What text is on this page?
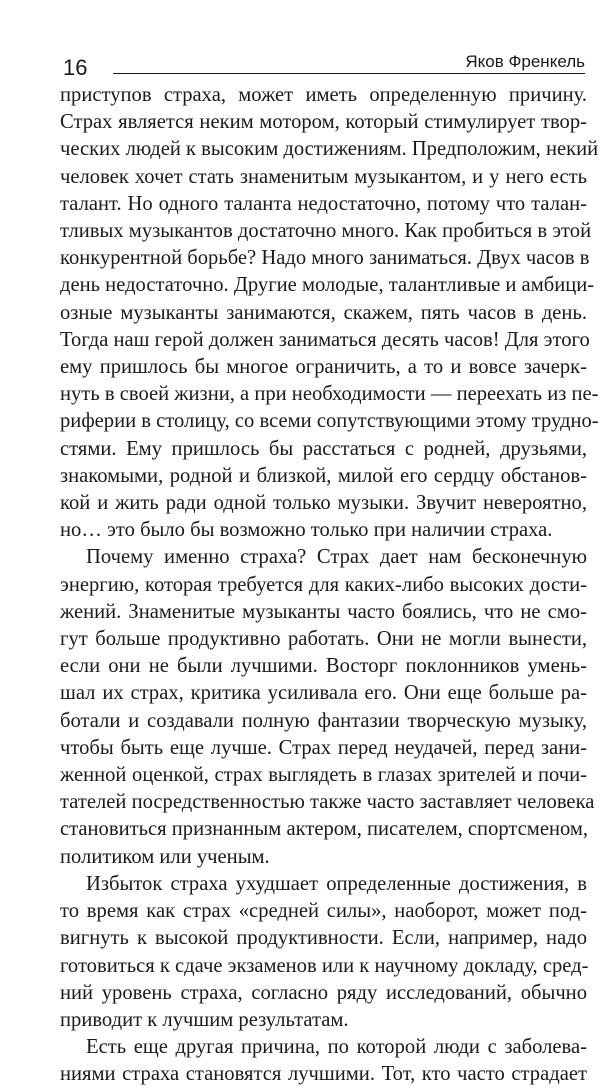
16	Яков Френкель

приступов страха, может иметь определенную причину.
Страх является неким мотором, который стимулирует твор-
ческих людей к высоким достижениям. Предположим, некий
человек хочет стать знаменитым музыкантом, и у него есть
талант. Но одного таланта недостаточно, потому что талан-
тливых музыкантов достаточно много. Как пробиться в этой
конкурентной борьбе? Надо много заниматься. Двух часов в
день недостаточно. Другие молодые, талантливые и амбици-
озные музыканты занимаются, скажем, пять часов в день.
Тогда наш герой должен заниматься десять часов! Для этого
ему пришлось бы многое ограничить, а то и вовсе зачерк-
нуть в своей жизни, а при необходимости — переехать из пе-
риферии в столицу, со всеми сопутствующими этому трудно-
стями. Ему пришлось бы расстаться с родней, друзьями,
знакомыми, родной и близкой, милой его сердцу обстанов-
кой и жить ради одной только музыки. Звучит невероятно,
но… это было бы возможно только при наличии страха.

Почему именно страха? Страх дает нам бесконечную
энергию, которая требуется для каких-либо высоких дости-
жений. Знаменитые музыканты часто боялись, что не смо-
гут больше продуктивно работать. Они не могли вынести,
если они не были лучшими. Восторг поклонников умень-
шал их страх, критика усиливала его. Они еще больше ра-
ботали и создавали полную фантазии творческую музыку,
чтобы быть еще лучше. Страх перед неудачей, перед зани-
женной оценкой, страх выглядеть в глазах зрителей и почи-
тателей посредственностью также часто заставляет человека
становиться признанным актером, писателем, спортсменом,
политиком или ученым.

Избыток страха ухудшает определенные достижения, в
то время как страх «средней силы», наоборот, может под-
вигнуть к высокой продуктивности. Если, например, надо
готовиться к сдаче экзаменов или к научному докладу, сред-
ний уровень страха, согласно ряду исследований, обычно
приводит к лучшим результатам.

Есть еще другая причина, по которой люди с заболева-
ниями страха становятся лучшими. Тот, кто часто страдает
